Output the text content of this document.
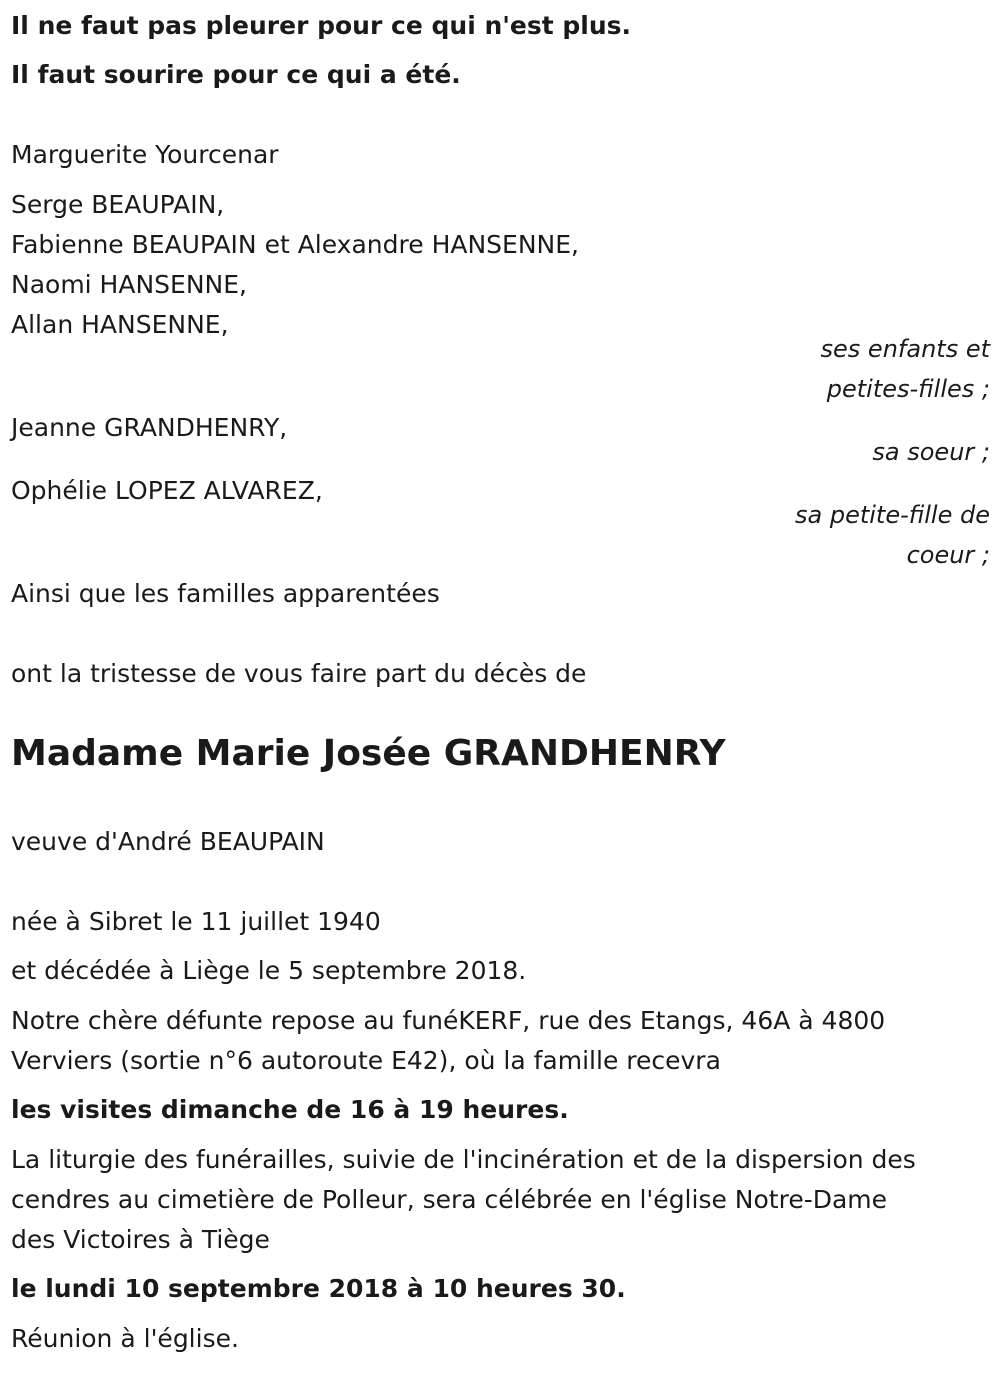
Il ne faut pas pleurer pour ce qui n'est plus.
Il faut sourire pour ce qui a été.
Marguerite Yourcenar
Serge BEAUPAIN,
Fabienne BEAUPAIN et Alexandre HANSENNE,
Naomi HANSENNE,
Allan HANSENNE,
ses enfants et
petites-filles ;
Jeanne GRANDHENRY,
sa soeur ;
Ophélie LOPEZ ALVAREZ,
sa petite-fille de
coeur ;
Ainsi que les familles apparentées
ont la tristesse de vous faire part du décès de
Madame Marie Josée GRANDHENRY
veuve d'André BEAUPAIN
née à Sibret le 11 juillet 1940
et décédée à Liège le 5 septembre 2018.
Notre chère défunte repose au funéKERF, rue des Etangs, 46A à 4800
Verviers (sortie n°6 autoroute E42), où la famille recevra
les visites dimanche de 16 à 19 heures.
La liturgie des funérailles, suivie de l'incinération et de la dispersion des
cendres au cimetière de Polleur, sera célébrée en l'église Notre-Dame
des Victoires à Tiège
le lundi 10 septembre 2018 à 10 heures 30.
Réunion à l'église.
